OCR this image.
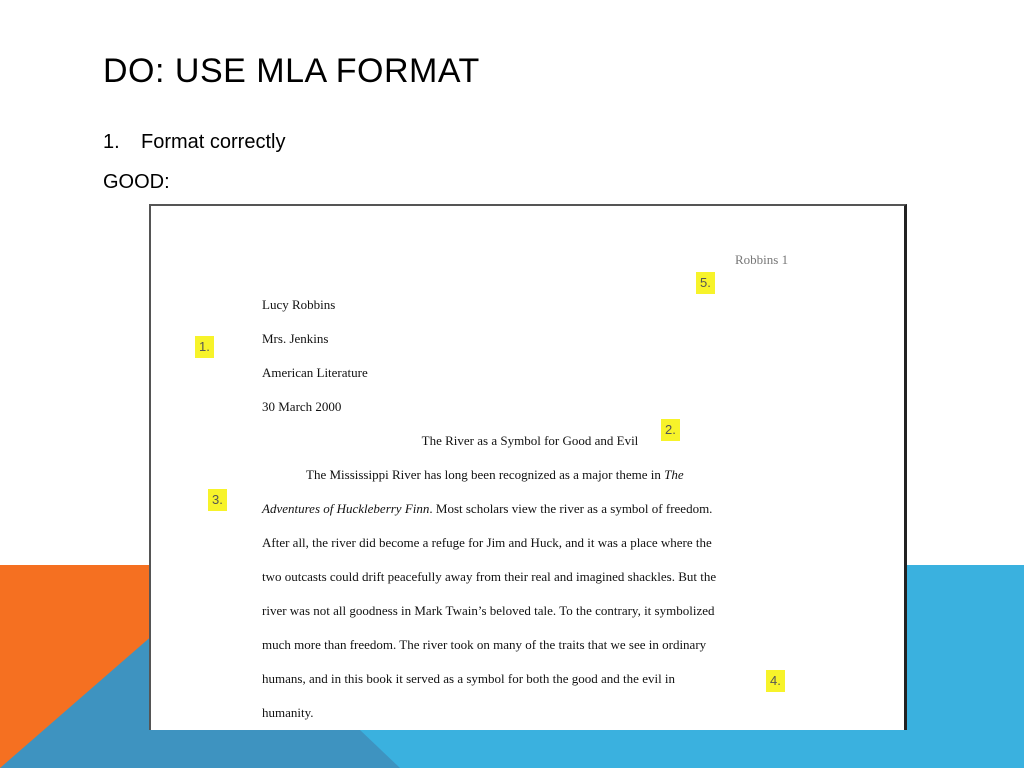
DO: USE MLA FORMAT
1. Format correctly
GOOD:
Robbins 1
Lucy Robbins
Mrs. Jenkins
American Literature
30 March 2000
The River as a Symbol for Good and Evil
The Mississippi River has long been recognized as a major theme in The
Adventures of Huckleberry Finn. Most scholars view the river as a symbol of freedom.
After all, the river did become a refuge for Jim and Huck, and it was a place where the
two outcasts could drift peacefully away from their real and imagined shackles. But the
river was not all goodness in Mark Twain’s beloved tale. To the contrary, it symbolized
much more than freedom. The river took on many of the traits that we see in ordinary
humans, and in this book it served as a symbol for both the good and the evil in
humanity.
1.
2.
3.
4.
5.
